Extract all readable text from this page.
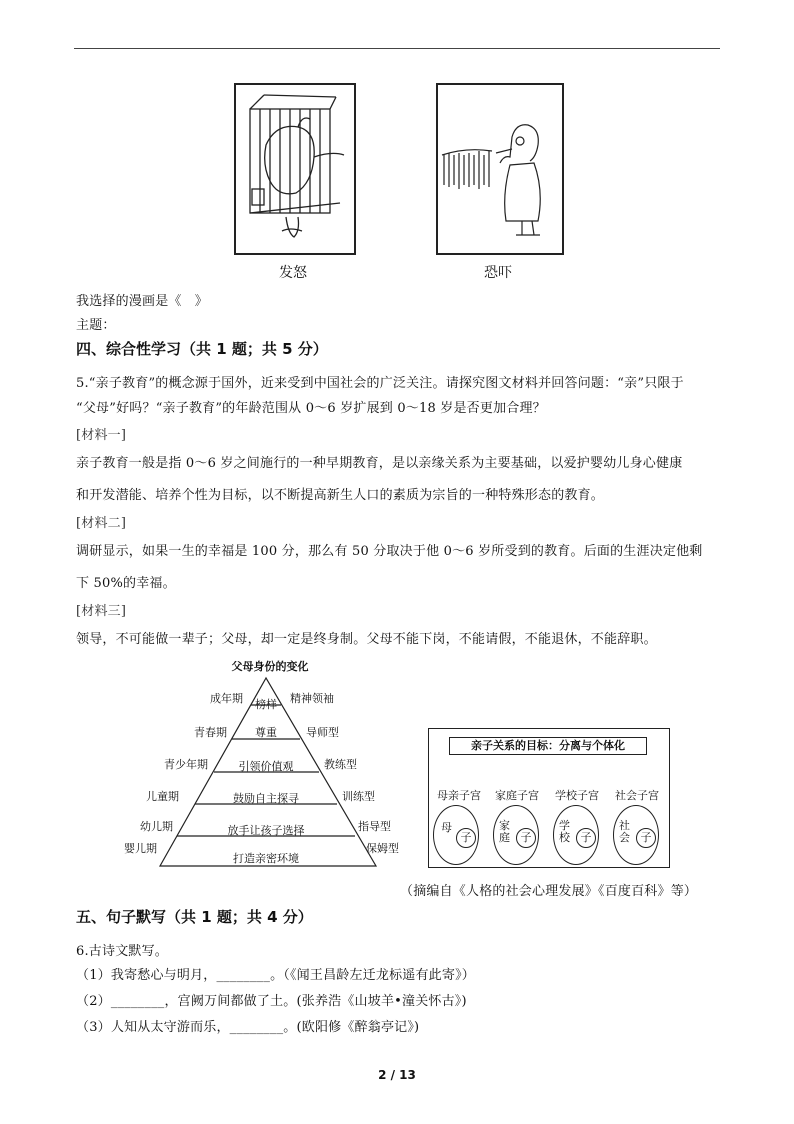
发怒	恐吓
我选择的漫画是《　》
主题：
四、综合性学习（共 1 题；共 5 分）
5.“亲子教育”的概念源于国外，近来受到中国社会的广泛关注。请探究图文材料并回答问题：“亲”只限于
“父母”好吗？“亲子教育”的年龄范围从 0～6 岁扩展到 0～18 岁是否更加合理？
[材料一]
亲子教育一般是指 0～6 岁之间施行的一种早期教育，是以亲缘关系为主要基础，以爱护婴幼儿身心健康
和开发潜能、培养个性为目标，以不断提高新生人口的素质为宗旨的一种特殊形态的教育。
[材料二]
调研显示，如果一生的幸福是 100 分，那么有 50 分取决于他 0～6 岁所受到的教育。后面的生涯决定他剩
下 50%的幸福。
[材料三]
领导，不可能做一辈子；父母，却一定是终身制。父母不能下岗，不能请假，不能退休，不能辞职。
父母身份的变化
榜样
尊重
引领价值观
鼓励自主探寻
放手让孩子选择
打造亲密环境
成年期
青春期
青少年期
儿童期
幼儿期
婴儿期
精神领袖
导师型
教练型
训练型
指导型
保姆型
亲子关系的目标：分离与个体化
母亲子宫
母
子
家庭子宫
家庭 子
学校子宫
学校 子
社会子宫
社会 子
（摘编自《人格的社会心理发展》《百度百科》等）
五、句子默写（共 1 题；共 4 分）
6.古诗文默写。
（1）我寄愁心与明月，________。（《闻王昌龄左迁龙标遥有此寄》）
（2）________，宫阙万间都做了土。(张养浩《山坡羊•潼关怀古》)
（3）人知从太守游而乐，________。(欧阳修《醉翁亭记》)
2 / 13
